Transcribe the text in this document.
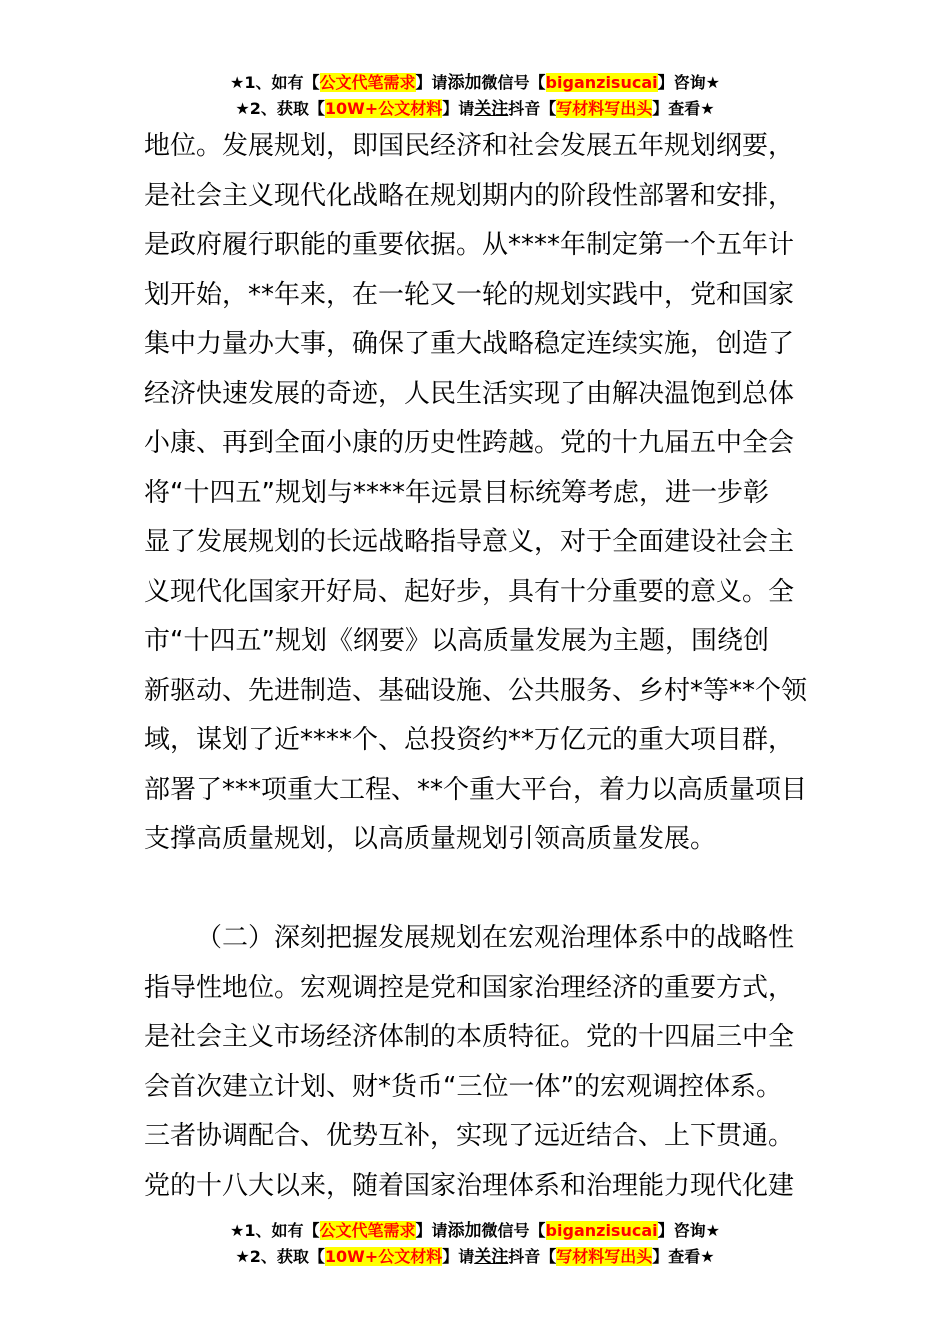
★1、如有【公文代笔需求】请添加微信号【biganzisucai】咨询★
★2、获取【10W+公文材料】请关注抖音【写材料写出头】查看★
地位。发展规划，即国民经济和社会发展五年规划纲要，
是社会主义现代化战略在规划期内的阶段性部署和安排，
是政府履行职能的重要依据。从****年制定第一个五年计
划开始，**年来，在一轮又一轮的规划实践中，党和国家
集中力量办大事，确保了重大战略稳定连续实施，创造了
经济快速发展的奇迹，人民生活实现了由解决温饱到总体
小康、再到全面小康的历史性跨越。党的十九届五中全会
将“十四五”规划与****年远景目标统筹考虑，进一步彰
显了发展规划的长远战略指导意义，对于全面建设社会主
义现代化国家开好局、起好步，具有十分重要的意义。全
市“十四五”规划《纲要》以高质量发展为主题，围绕创
新驱动、先进制造、基础设施、公共服务、乡村*等**个领
域，谋划了近****个、总投资约**万亿元的重大项目群，
部署了***项重大工程、**个重大平台，着力以高质量项目
支撑高质量规划，以高质量规划引领高质量发展。
（二）深刻把握发展规划在宏观治理体系中的战略性
指导性地位。宏观调控是党和国家治理经济的重要方式，
是社会主义市场经济体制的本质特征。党的十四届三中全
会首次建立计划、财*货币“三位一体”的宏观调控体系。
三者协调配合、优势互补，实现了远近结合、上下贯通。
党的十八大以来，随着国家治理体系和治理能力现代化建
★1、如有【公文代笔需求】请添加微信号【biganzisucai】咨询★
★2、获取【10W+公文材料】请关注抖音【写材料写出头】查看★
